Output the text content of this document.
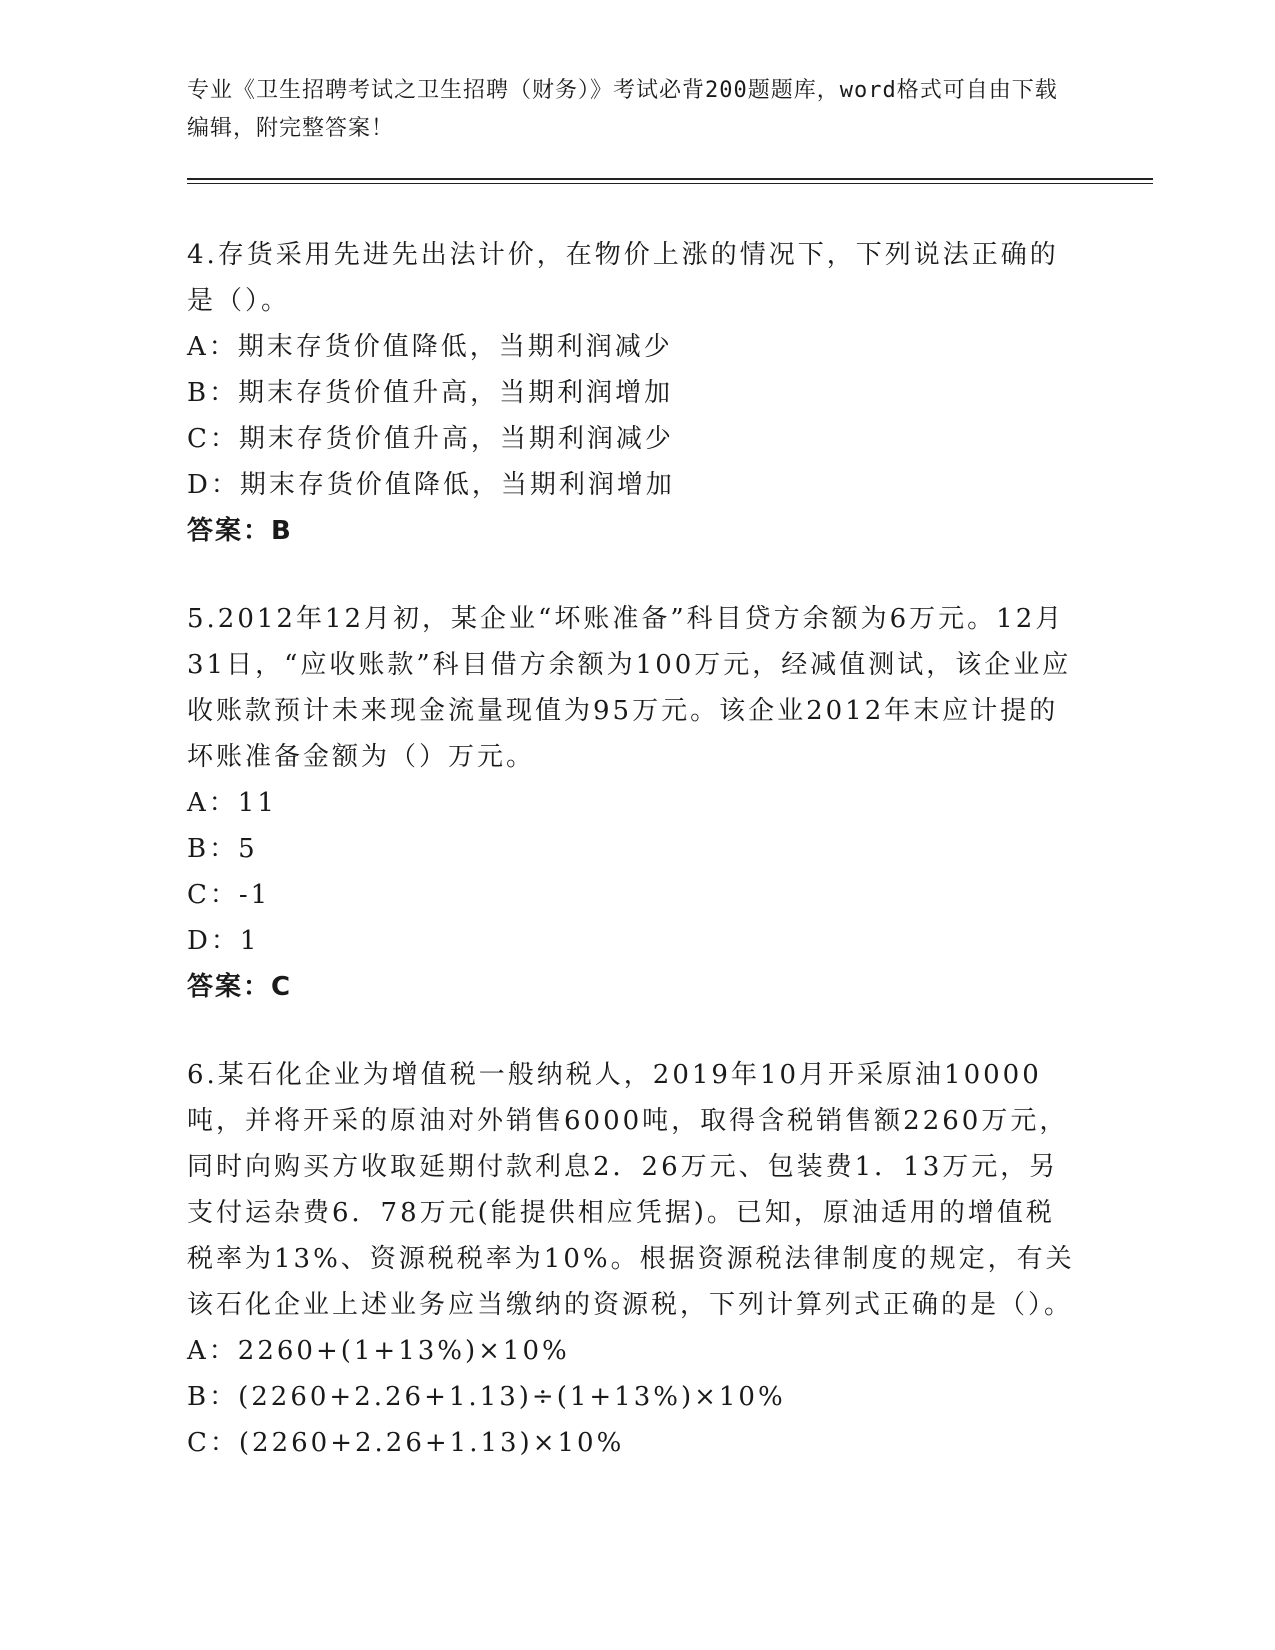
专业《卫生招聘考试之卫生招聘（财务）》考试必背200题题库，word格式可自由下载编辑，附完整答案！

4.存货采用先进先出法计价，在物价上涨的情况下，下列说法正确的是（）。

A：期末存货价值降低，当期利润减少

B：期末存货价值升高，当期利润增加

C：期末存货价值升高，当期利润减少

D：期末存货价值降低，当期利润增加

答案：B

5.2012年12月初，某企业“坏账准备”科目贷方余额为6万元。12月31日，“应收账款”科目借方余额为100万元，经减值测试，该企业应收账款预计未来现金流量现值为95万元。该企业2012年末应计提的坏账准备金额为（）万元。

A：11

B：5

C：-1

D：1

答案：C

6.某石化企业为增值税一般纳税人，2019年10月开采原油10000吨，并将开采的原油对外销售6000吨，取得含税销售额2260万元，同时向购买方收取延期付款利息2．26万元、包装费1．13万元，另支付运杂费6．78万元(能提供相应凭据)。已知，原油适用的增值税税率为13%、资源税税率为10%。根据资源税法律制度的规定，有关该石化企业上述业务应当缴纳的资源税，下列计算列式正确的是（）。

A：2260+(1+13%)×10%

B：(2260+2.26+1.13)÷(1+13%)×10%

C：(2260+2.26+1.13)×10%
